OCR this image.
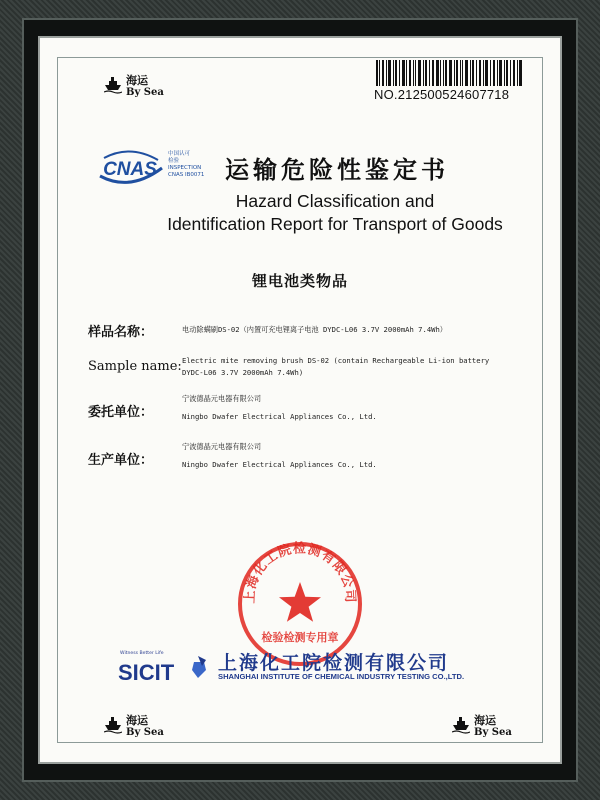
海运
By Sea
海运
By Sea
海运
By Sea
NO.212500524607718
CNAS
中国认可
检验
INSPECTION
CNAS IB0071 运输危险性鉴定书
Hazard Classification and
Identification Report for Transport of Goods
锂电池类物品
样品名称：	电动除螨刷DS-02（内置可充电锂离子电池 DYDC-L06 3.7V 2000mAh 7.4Wh）
Sample name: Electric mite removing brush DS-02 (contain Rechargeable Li-ion battery
DYDC-L06 3.7V 2000mAh 7.4Wh)
委托单位：
宁波德晶元电器有限公司
Ningbo Dwafer Electrical Appliances Co., Ltd.
生产单位：
宁波德晶元电器有限公司
Ningbo Dwafer Electrical Appliances Co., Ltd.
上海化工院检测有限公司
检验检测专用章
Witness Better Life
SICIT 上海化工院检测有限公司
SHANGHAI INSTITUTE OF CHEMICAL INDUSTRY TESTING CO.,LTD.
